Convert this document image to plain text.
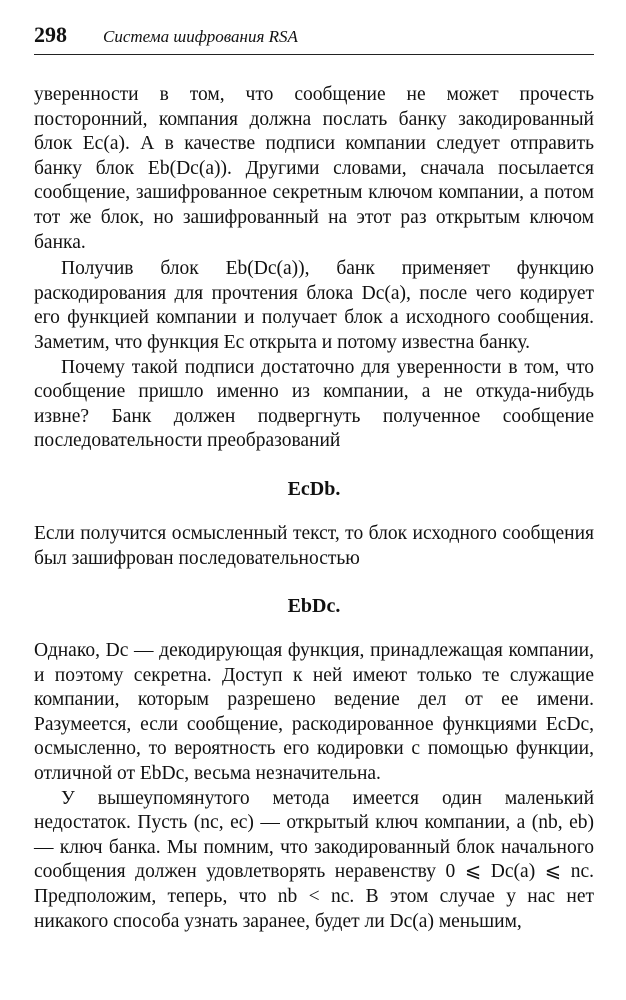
298 Система шифрования RSA

уверенности в том, что сообщение не может прочесть посторонний, компания должна послать банку закодированный блок Eс(a). А в качестве подписи компании следует отправить банку блок Eb(Dс(a)). Другими словами, сначала посылается сообщение, зашифрованное секретным ключом компании, а потом тот же блок, но зашифрованный на этот раз открытым ключом банка.

Получив блок Eb(Dc(a)), банк применяет функцию раскодирования для прочтения блока Dc(a), после чего кодирует его функцией компании и получает блок a исходного сообщения. Заметим, что функция Ec открыта и потому известна банку.

Почему такой подписи достаточно для уверенности в том, что сообщение пришло именно из компании, а не откуда-нибудь извне? Банк должен подвергнуть полученное сообщение последовательности преобразований

EcDb.

Если получится осмысленный текст, то блок исходного сообщения был зашифрован последовательностью

EbDc.

Однако, Dc — декодирующая функция, принадлежащая компании, и поэтому секретна. Доступ к ней имеют только те служащие компании, которым разрешено ведение дел от ее имени. Разумеется, если сообщение, раскодированное функциями EcDc, осмысленно, то вероятность его кодировки с помощью функции, отличной от EbDc, весьма незначительна.

У вышеупомянутого метода имеется один маленький недостаток. Пусть (nc, ec) — открытый ключ компании, а (nb, eb) — ключ банка. Мы помним, что закодированный блок начального сообщения должен удовлетворять неравенству 0 ⩽ Dc(a) ⩽ nc. Предположим, теперь, что nb < nc. В этом случае у нас нет никакого способа узнать заранее, будет ли Dc(a) меньшим,
